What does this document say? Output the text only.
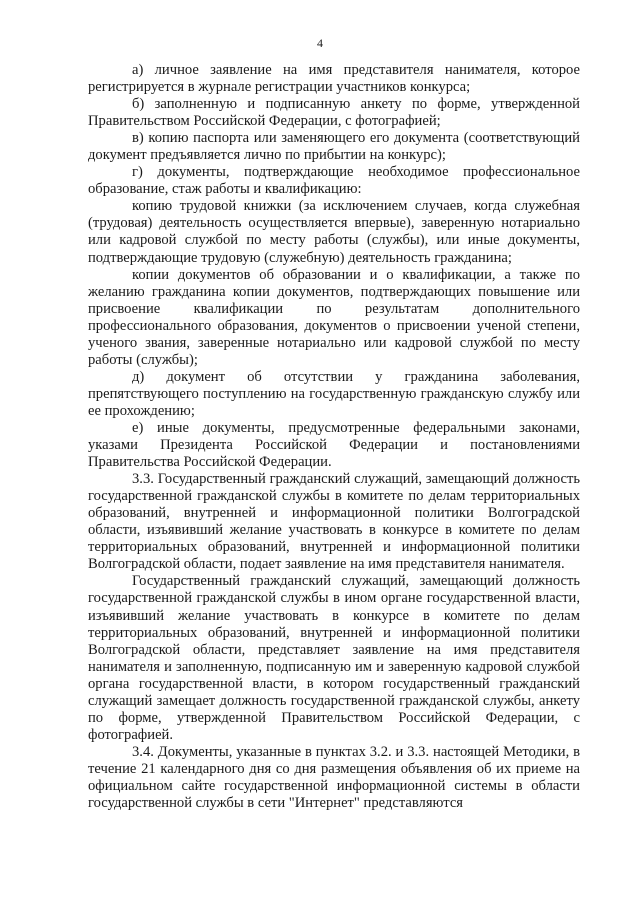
4

а) личное заявление на имя представителя нанимателя, которое регистрируется в журнале регистрации участников конкурса;

б) заполненную и подписанную анкету по форме, утвержденной Правительством Российской Федерации, с фотографией;

в) копию паспорта или заменяющего его документа (соответствующий документ предъявляется лично по прибытии на конкурс);

г) документы, подтверждающие необходимое профессиональное образование, стаж работы и квалификацию:

копию трудовой книжки (за исключением случаев, когда служебная (трудовая) деятельность осуществляется впервые), заверенную нотариально или кадровой службой по месту работы (службы), или иные документы, подтверждающие трудовую (служебную) деятельность гражданина;

копии документов об образовании и о квалификации, а также по желанию гражданина копии документов, подтверждающих повышение или присвоение квалификации по результатам дополнительного профессионального образования, документов о присвоении ученой степени, ученого звания, заверенные нотариально или кадровой службой по месту работы (службы);

д) документ об отсутствии у гражданина заболевания, препятствующего поступлению на государственную гражданскую службу или ее прохождению;

е) иные документы, предусмотренные федеральными законами, указами Президента Российской Федерации и постановлениями Правительства Российской Федерации.

3.3. Государственный гражданский служащий, замещающий должность государственной гражданской службы в комитете по делам территориальных образований, внутренней и информационной политики Волгоградской области, изъявивший желание участвовать в конкурсе в комитете по делам территориальных образований, внутренней и информационной политики Волгоградской области, подает заявление на имя представителя нанимателя.

Государственный гражданский служащий, замещающий должность государственной гражданской службы в ином органе государственной власти, изъявивший желание участвовать в конкурсе в комитете по делам территориальных образований, внутренней и информационной политики Волгоградской области, представляет заявление на имя представителя нанимателя и заполненную, подписанную им и заверенную кадровой службой органа государственной власти, в котором государственный гражданский служащий замещает должность государственной гражданской службы, анкету по форме, утвержденной Правительством Российской Федерации, с фотографией.

3.4. Документы, указанные в пунктах 3.2. и 3.3. настоящей Методики, в течение 21 календарного дня со дня размещения объявления об их приеме на официальном сайте государственной информационной системы в области государственной службы в сети "Интернет" представляются
